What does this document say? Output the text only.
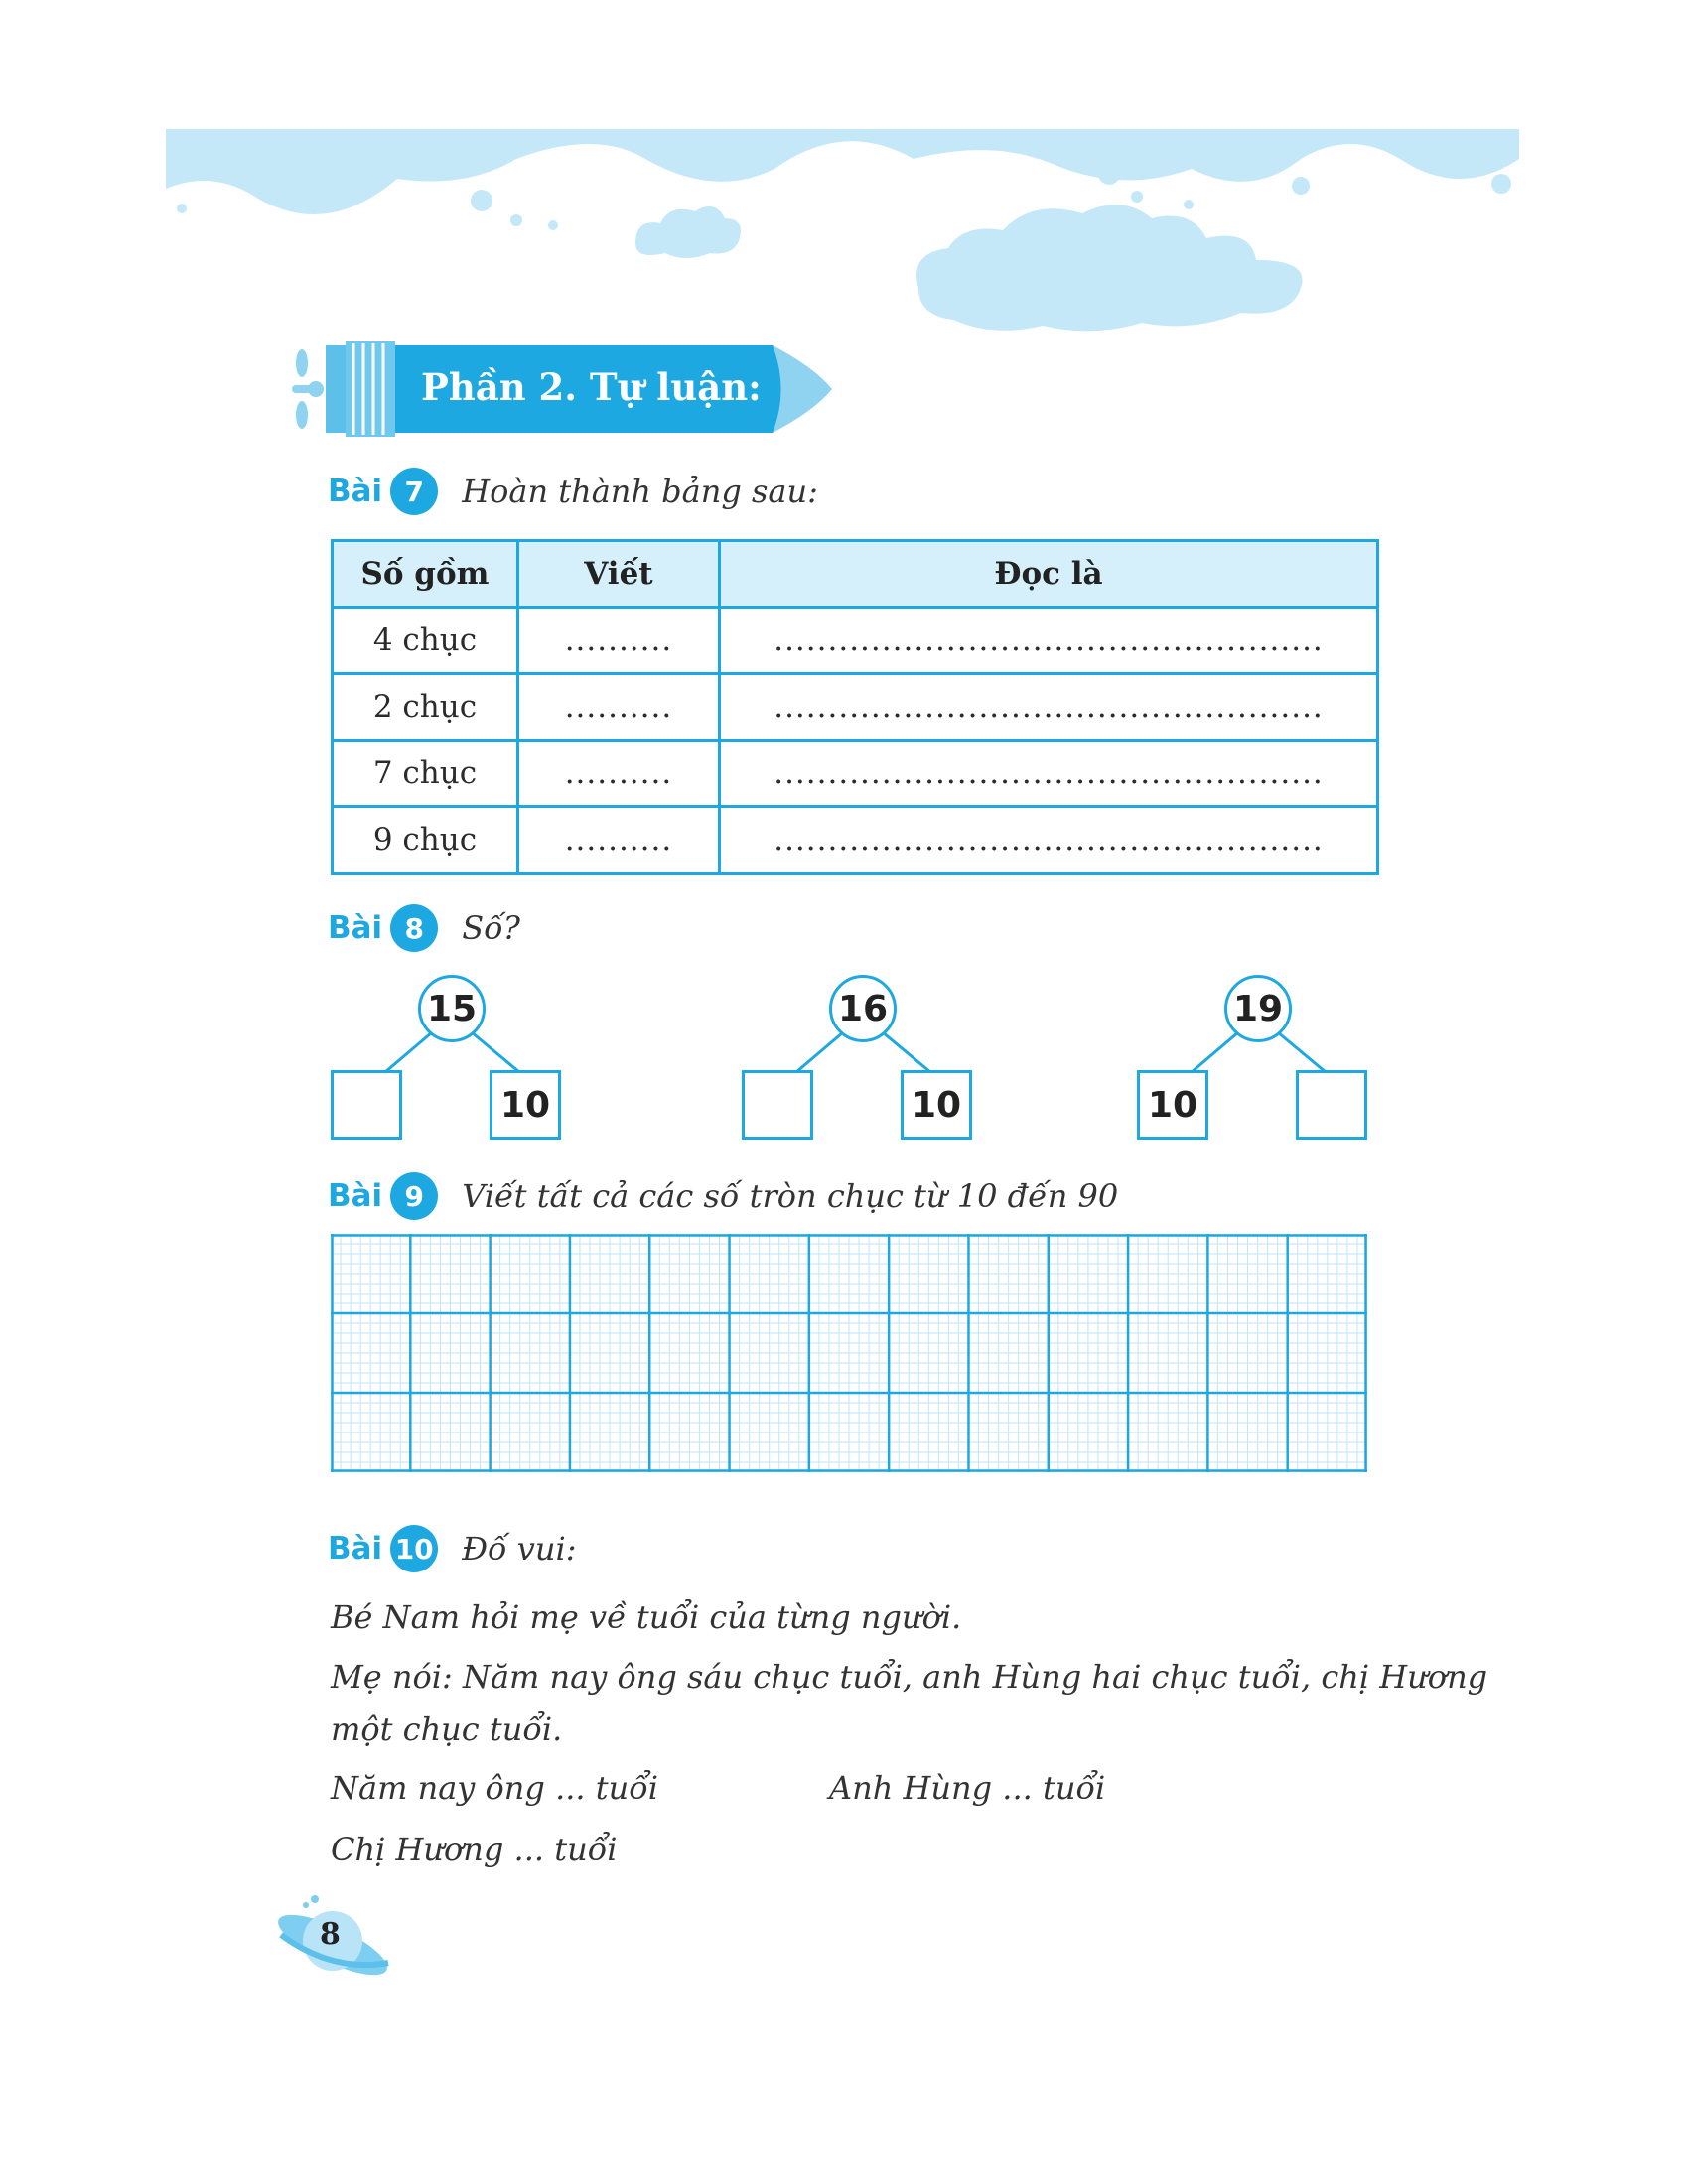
Phần 2. Tự luận:
Bài 7	Hoàn thành bảng sau:
Số gồm	Viết	Đọc là
4 chục	..........	...................................................
2 chục	..........	...................................................
7 chục	..........	...................................................
9 chục	..........	...................................................
Bài 8	Số?
15
10
16
10
19
10
Bài 9	Viết tất cả các số tròn chục từ 10 đến 90
Bài 10 Đố vui:
Bé Nam hỏi mẹ về tuổi của từng người.
Mẹ nói: Năm nay ông sáu chục tuổi, anh Hùng hai chục tuổi, chị Hương
một chục tuổi.
Năm nay ông ... tuổi	Anh Hùng ... tuổi
Chị Hương ... tuổi
8
